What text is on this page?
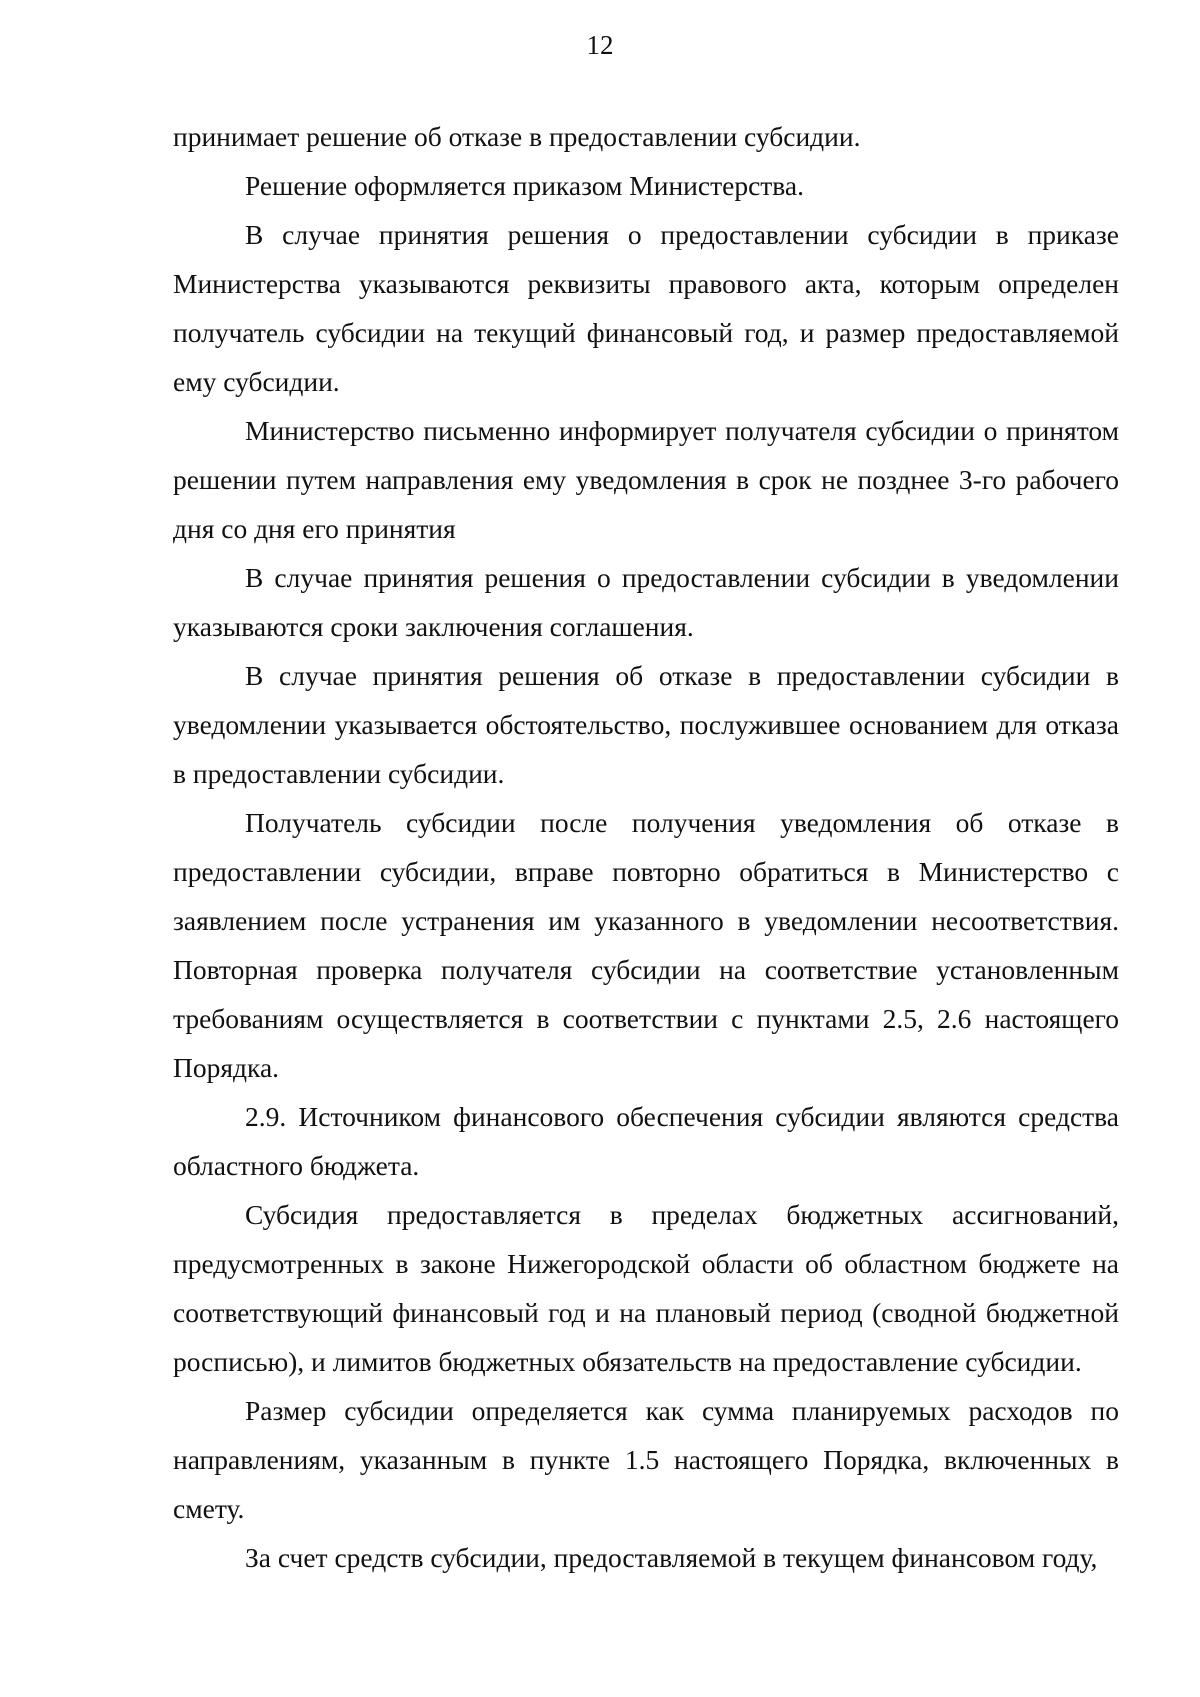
12

принимает решение об отказе в предоставлении субсидии.

Решение оформляется приказом Министерства.

В случае принятия решения о предоставлении субсидии в приказе Министерства указываются реквизиты правового акта, которым определен получатель субсидии на текущий финансовый год, и размер предоставляемой ему субсидии.

Министерство письменно информирует получателя субсидии о принятом решении путем направления ему уведомления в срок не позднее 3-го рабочего дня со дня его принятия

В случае принятия решения о предоставлении субсидии в уведомлении указываются сроки заключения соглашения.

В случае принятия решения об отказе в предоставлении субсидии в уведомлении указывается обстоятельство, послужившее основанием для отказа в предоставлении субсидии.

Получатель субсидии после получения уведомления об отказе в предоставлении субсидии, вправе повторно обратиться в Министерство с заявлением после устранения им указанного в уведомлении несоответствия. Повторная проверка получателя субсидии на соответствие установленным требованиям осуществляется в соответствии с пунктами 2.5, 2.6 настоящего Порядка.

2.9. Источником финансового обеспечения субсидии являются средства областного бюджета.

Субсидия предоставляется в пределах бюджетных ассигнований, предусмотренных в законе Нижегородской области об областном бюджете на соответствующий финансовый год и на плановый период (сводной бюджетной росписью), и лимитов бюджетных обязательств на предоставление субсидии.

Размер субсидии определяется как сумма планируемых расходов по направлениям, указанным в пункте 1.5 настоящего Порядка, включенных в смету.

За счет средств субсидии, предоставляемой в текущем финансовом году,
